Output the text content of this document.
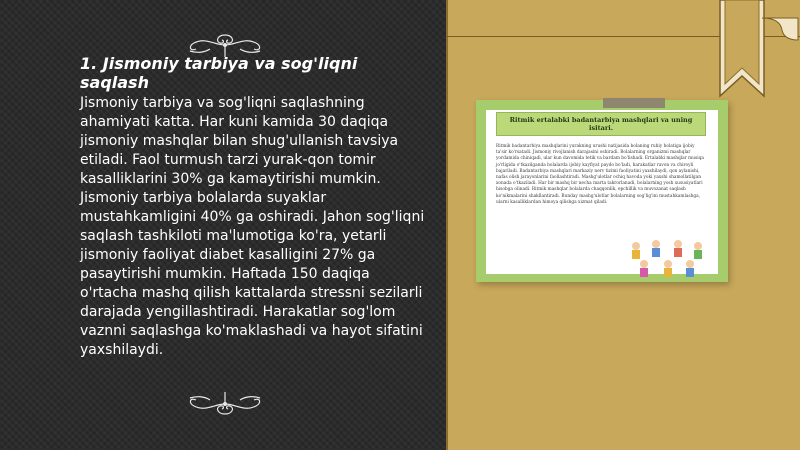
1. Jismoniy tarbiya va sog'liqni saqlash

Jismoniy tarbiya va sog'liqni saqlashning ahamiyati katta. Har kuni kamida 30 daqiqa jismoniy mashqlar bilan shug'ullanish tavsiya etiladi. Faol turmush tarzi yurak-qon tomir kasalliklarini 30% ga kamaytirishi mumkin. Jismoniy tarbiya bolalarda suyaklar mustahkamligini 40% ga oshiradi. Jahon sog'liqni saqlash tashkiloti ma'lumotiga ko'ra, yetarli jismoniy faoliyat diabet kasalligini 27% ga pasaytirishi mumkin. Haftada 150 daqiqa o'rtacha mashq qilish kattalarda stressni sezilarli darajada yengillashtiradi. Harakatlar sog'lom vaznni saqlashga ko'maklashadi va hayot sifatini yaxshilaydi.

Ritmik ertalabki badantarbiya mashqlari va uning isitari.

Ritmik badantarbiya mashqlarini yurakning urushi natijasida bolaning ruhiy holatiga ijobiy ta'sir ko'rsatadi. Jismoniy rivojlanish darajasini oshiradi. Bolalarning organizmi mashqlar yordamida chiniqadi, ular kun davomida tetik va bardam bo'lishadi. Ertalabki mashqlar musiqa jo'rligida o'tkazilganda bolalarda ijobiy kayfiyat paydo bo'ladi, harakatlar ravon va chiroyli bajariladi. Badantarbiya mashqlari markaziy nerv tizimi faoliyatini yaxshilaydi, qon aylanishi, nafas olish jarayonlarini faollashtiradi. Mashg'ulotlar ochiq havoda yoki yaxshi shamollatilgan xonada o'tkaziladi. Har bir mashq bir necha marta takrorlanadi, bolalarning yosh xususiyatlari hisobga olinadi. Ritmik mashqlar bolalarda chaqqonlik, epchillik va muvozanat saqlash ko'nikmalarini shakllantiradi. Bunday mashg'ulotlar bolalarning sog'lig'ini mustahkamlashga, ularni kasalliklardan himoya qilishga xizmat qiladi.
